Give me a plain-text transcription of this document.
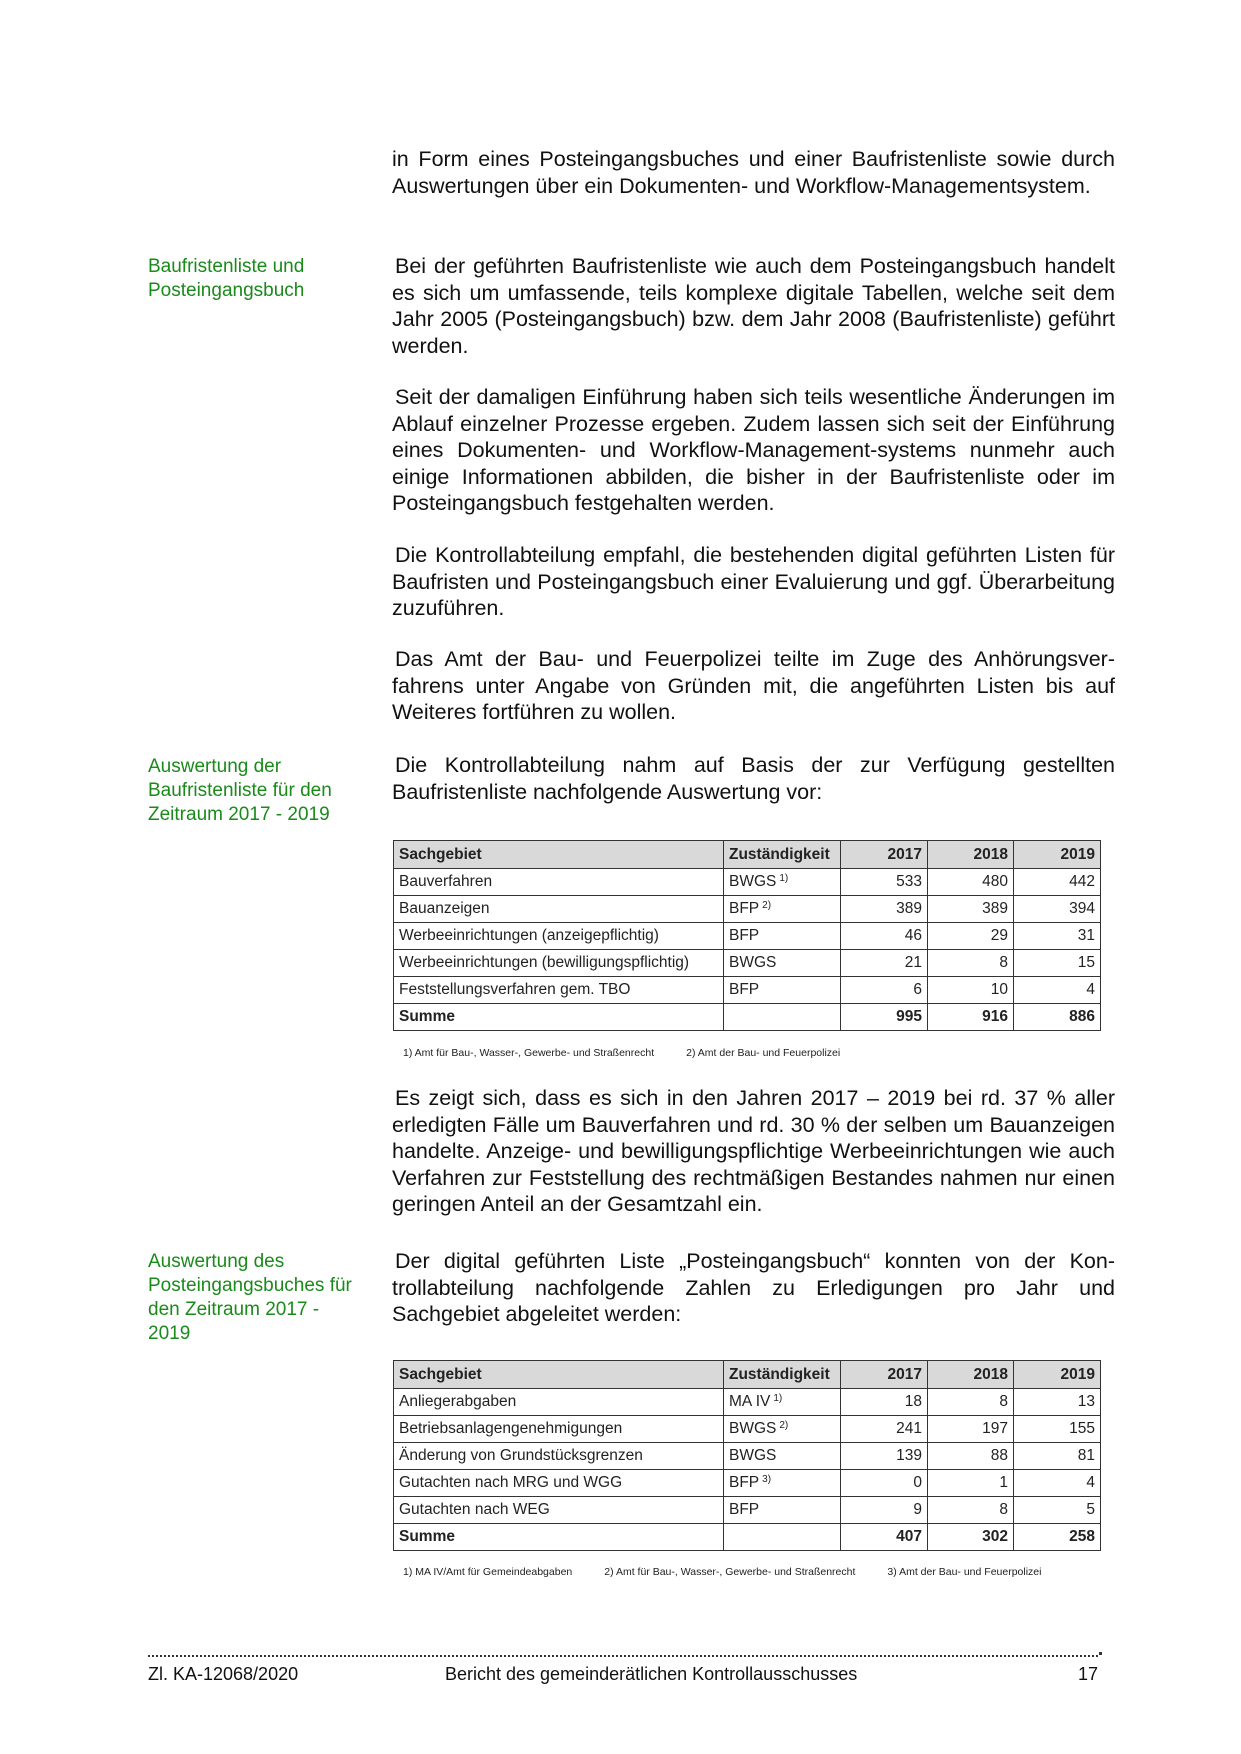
Baufristenliste und Posteingangsbuch
Auswertung der Baufristenliste für den Zeitraum 2017 - 2019
Auswertung des Posteingangsbuches für den Zeitraum 2017 - 2019
in Form eines Posteingangsbuches und einer Baufristenliste sowie durch Auswertungen über ein Dokumenten- und Workflow-Managementsystem.
Bei der geführten Baufristenliste wie auch dem Posteingangsbuch handelt es sich um umfassende, teils komplexe digitale Tabellen, welche seit dem Jahr 2005 (Posteingangsbuch) bzw. dem Jahr 2008 (Baufristenliste) geführt werden.
Seit der damaligen Einführung haben sich teils wesentliche Änderungen im Ablauf einzelner Prozesse ergeben. Zudem lassen sich seit der Einführung eines Dokumenten- und Workflow-Management-systems nunmehr auch einige Informationen abbilden, die bisher in der Baufristenliste oder im Posteingangsbuch festgehalten werden.
Die Kontrollabteilung empfahl, die bestehenden digital geführten Listen für Baufristen und Posteingangsbuch einer Evaluierung und ggf. Überarbeitung zuzuführen.
Das Amt der Bau- und Feuerpolizei teilte im Zuge des Anhörungsverfahrens unter Angabe von Gründen mit, die angeführten Listen bis auf Weiteres fortführen zu wollen.
Die Kontrollabteilung nahm auf Basis der zur Verfügung gestellten Baufristenliste nachfolgende Auswertung vor:
Sachgebiet	Zuständigkeit	2017	2018	2019
Bauverfahren	BWGS $^{1)}$	533	480	442
Bauanzeigen	BFP $^{2)}$	389	389	394
Werbeeinrichtungen (anzeigepflichtig)	BFP	46	29	31
Werbeeinrichtungen (bewilligungspflichtig)	BWGS	21	8	15
Feststellungsverfahren gem. TBO	BFP	6	10	4
Summe		995	916	886
1) Amt für Bau-, Wasser-, Gewerbe- und Straßenrecht	2) Amt der Bau- und Feuerpolizei
Es zeigt sich, dass es sich in den Jahren 2017 – 2019 bei rd. 37 % aller erledigten Fälle um Bauverfahren und rd. 30 % der selben um Bauanzeigen handelte. Anzeige- und bewilligungspflichtige Werbeeinrichtungen wie auch Verfahren zur Feststellung des rechtmäßigen Bestandes nahmen nur einen geringen Anteil an der Gesamtzahl ein.
Der digital geführten Liste „Posteingangsbuch“ konnten von der Kontrollabteilung nachfolgende Zahlen zu Erledigungen pro Jahr und Sachgebiet abgeleitet werden:
Sachgebiet	Zuständigkeit	2017	2018	2019
Anliegerabgaben	MA IV $^{1)}$	18	8	13
Betriebsanlagengenehmigungen	BWGS $^{2)}$	241	197	155
Änderung von Grundstücksgrenzen	BWGS	139	88	81
Gutachten nach MRG und WGG	BFP $^{3)}$	0	1	4
Gutachten nach WEG	BFP	9	8	5
Summe		407	302	258
1) MA IV/Amt für Gemeindeabgaben	2) Amt für Bau-, Wasser-, Gewerbe- und Straßenrecht	3) Amt der Bau- und Feuerpolizei
Zl. KA-12068/2020	Bericht des gemeinderätlichen Kontrollausschusses	17
